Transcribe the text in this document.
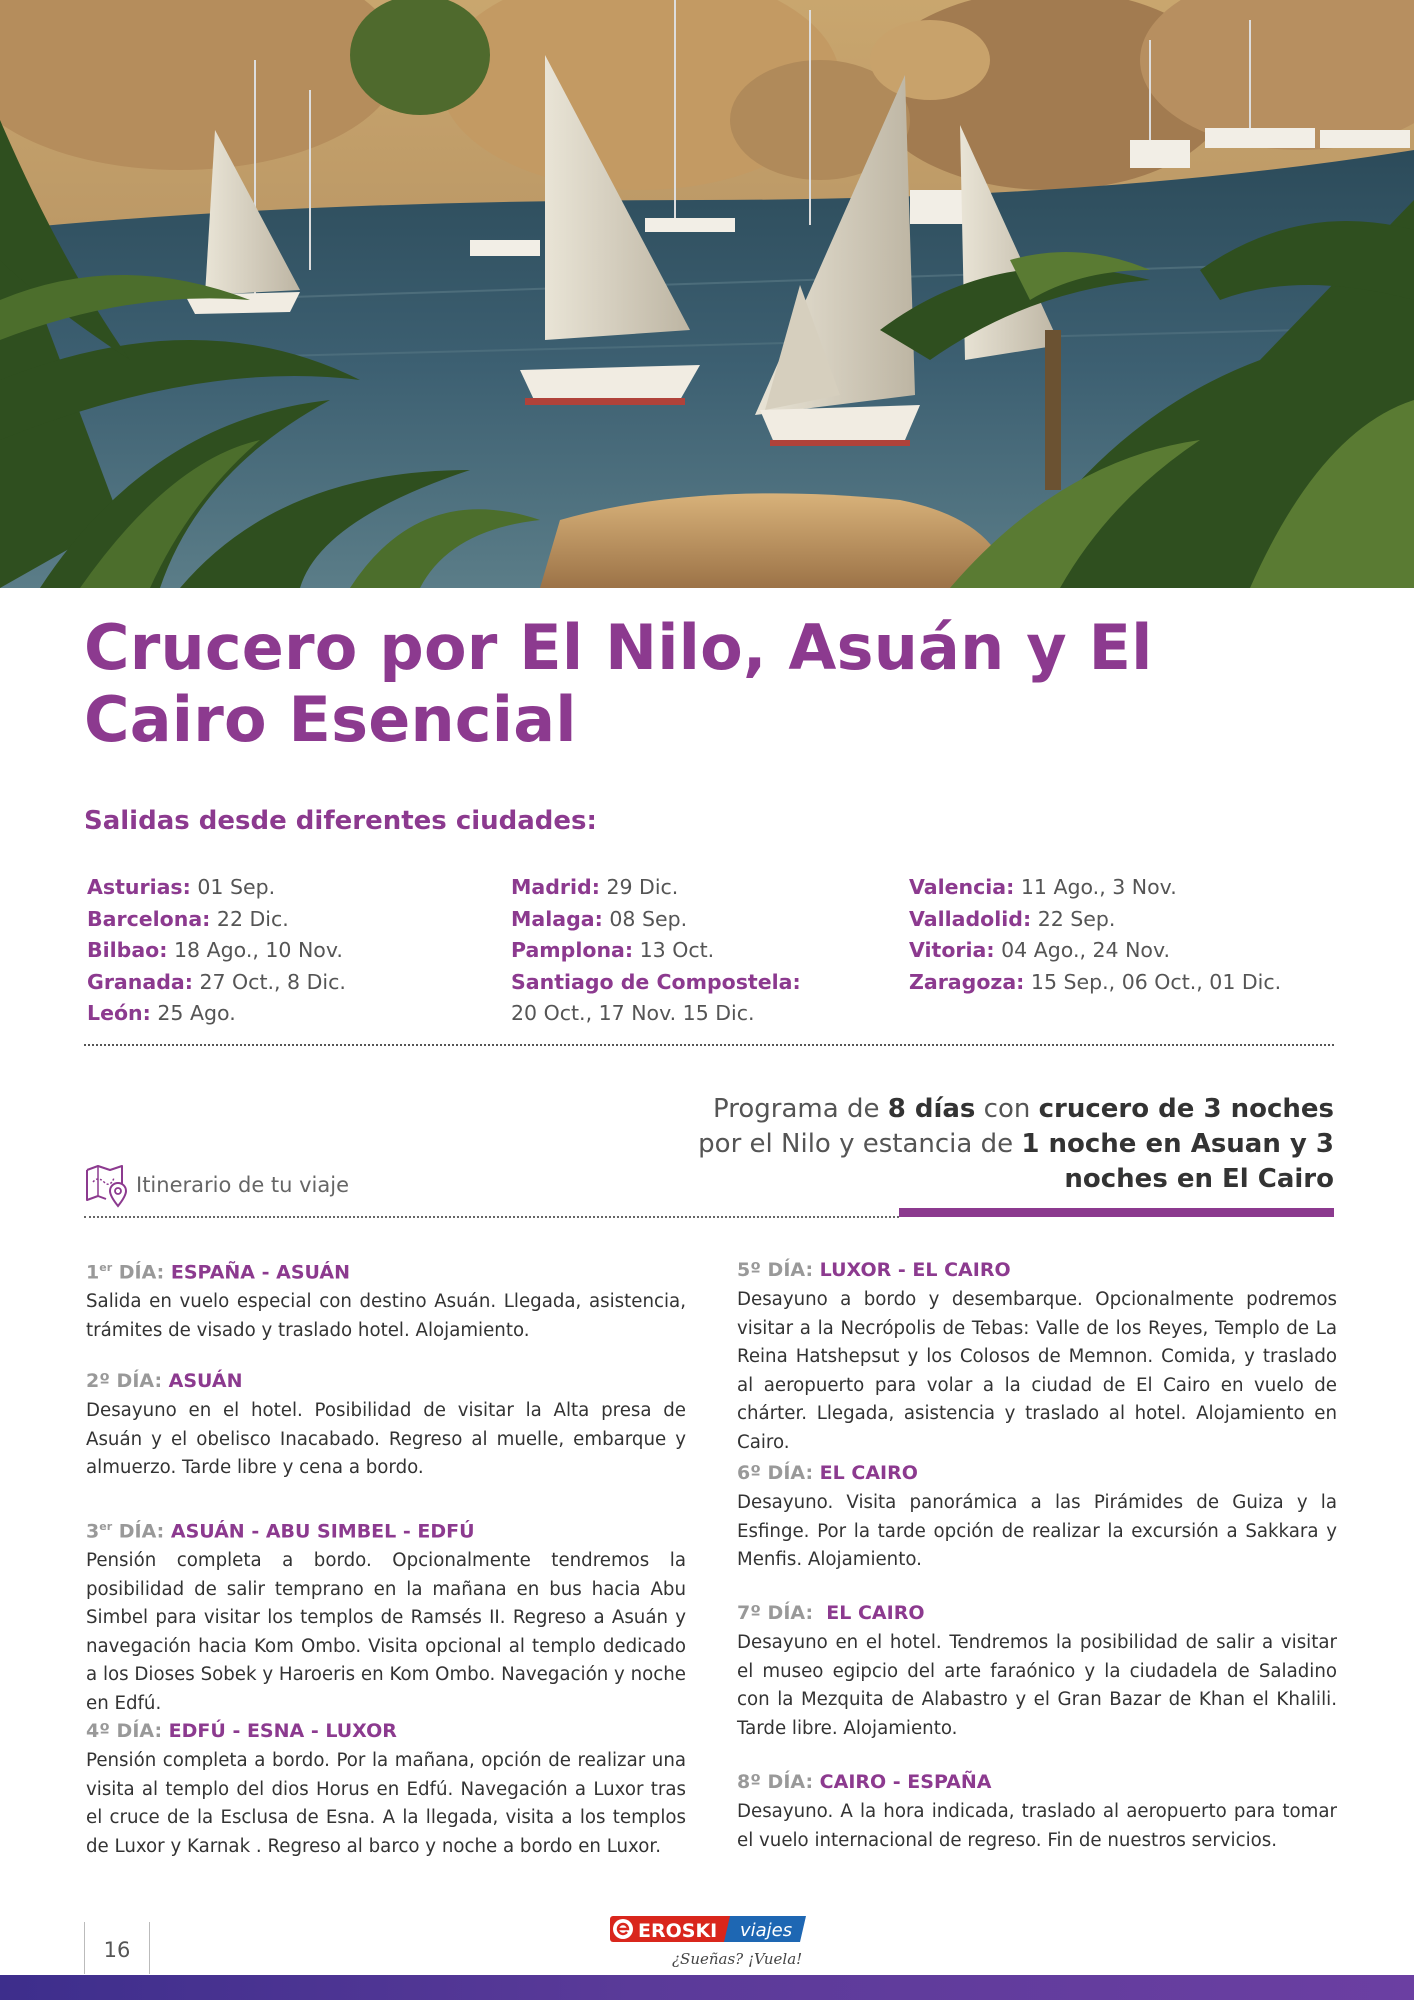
Crucero por El Nilo, Asuán y El Cairo Esencial
Salidas desde diferentes ciudades:
Asturias: 01 Sep.
Barcelona: 22 Dic.
Bilbao: 18 Ago., 10 Nov.
Granada: 27 Oct., 8 Dic.
León: 25 Ago.
Madrid: 29 Dic.
Malaga: 08 Sep.
Pamplona: 13 Oct.
Santiago de Compostela:
20 Oct., 17 Nov. 15 Dic.
Valencia: 11 Ago., 3 Nov.
Valladolid: 22 Sep.
Vitoria: 04 Ago., 24 Nov.
Zaragoza: 15 Sep., 06 Oct., 01 Dic.
Programa de 8 días con crucero de 3 noches por el Nilo y estancia de 1 noche en Asuan y 3 noches en El Cairo
Itinerario de tu viaje
1er DÍA: ESPAÑA - ASUÁN

Salida en vuelo especial con destino Asuán. Llegada, asistencia, trámites de visado y traslado hotel. Alojamiento.

2º DÍA: ASUÁN

Desayuno en el hotel. Posibilidad de visitar la Alta presa de Asuán y el obelisco Inacabado. Regreso al muelle, embarque y almuerzo. Tarde libre y cena a bordo.

3er DÍA: ASUÁN - ABU SIMBEL - EDFÚ

Pensión completa a bordo. Opcionalmente tendremos la posibilidad de salir temprano en la mañana en bus hacia Abu Simbel para visitar los templos de Ramsés II. Regreso a Asuán y navegación hacia Kom Ombo. Visita opcional al templo dedicado a los Dioses Sobek y Haroeris en Kom Ombo. Navegación y noche en Edfú.

4º DÍA: EDFÚ - ESNA - LUXOR

Pensión completa a bordo. Por la mañana, opción de realizar una visita al templo del dios Horus en Edfú. Navegación a Luxor tras el cruce de la Esclusa de Esna. A la llegada, visita a los templos de Luxor y Karnak . Regreso al barco y noche a bordo en Luxor.

5º DÍA: LUXOR - EL CAIRO

Desayuno a bordo y desembarque. Opcionalmente podremos visitar a la Necrópolis de Tebas: Valle de los Reyes, Templo de La Reina Hatshepsut y los Colosos de Memnon. Comida, y traslado al aeropuerto para volar a la ciudad de El Cairo en vuelo de chárter. Llegada, asistencia y traslado al hotel. Alojamiento en Cairo.

6º DÍA: EL CAIRO

Desayuno. Visita panorámica a las Pirámides de Guiza y la Esfinge. Por la tarde opción de realizar la excursión a Sakkara y Menfis. Alojamiento.

7º DÍA:  EL CAIRO

Desayuno en el hotel. Tendremos la posibilidad de salir a visitar el museo egipcio del arte faraónico y la ciudadela de Saladino con la Mezquita de Alabastro y el Gran Bazar de Khan el Khalili. Tarde libre. Alojamiento.

8º DÍA: CAIRO - ESPAÑA

Desayuno. A la hora indicada, traslado al aeropuerto para tomar el vuelo internacional de regreso. Fin de nuestros servicios.

16
EROSKI viajes
¿Sueñas? ¡Vuela!
